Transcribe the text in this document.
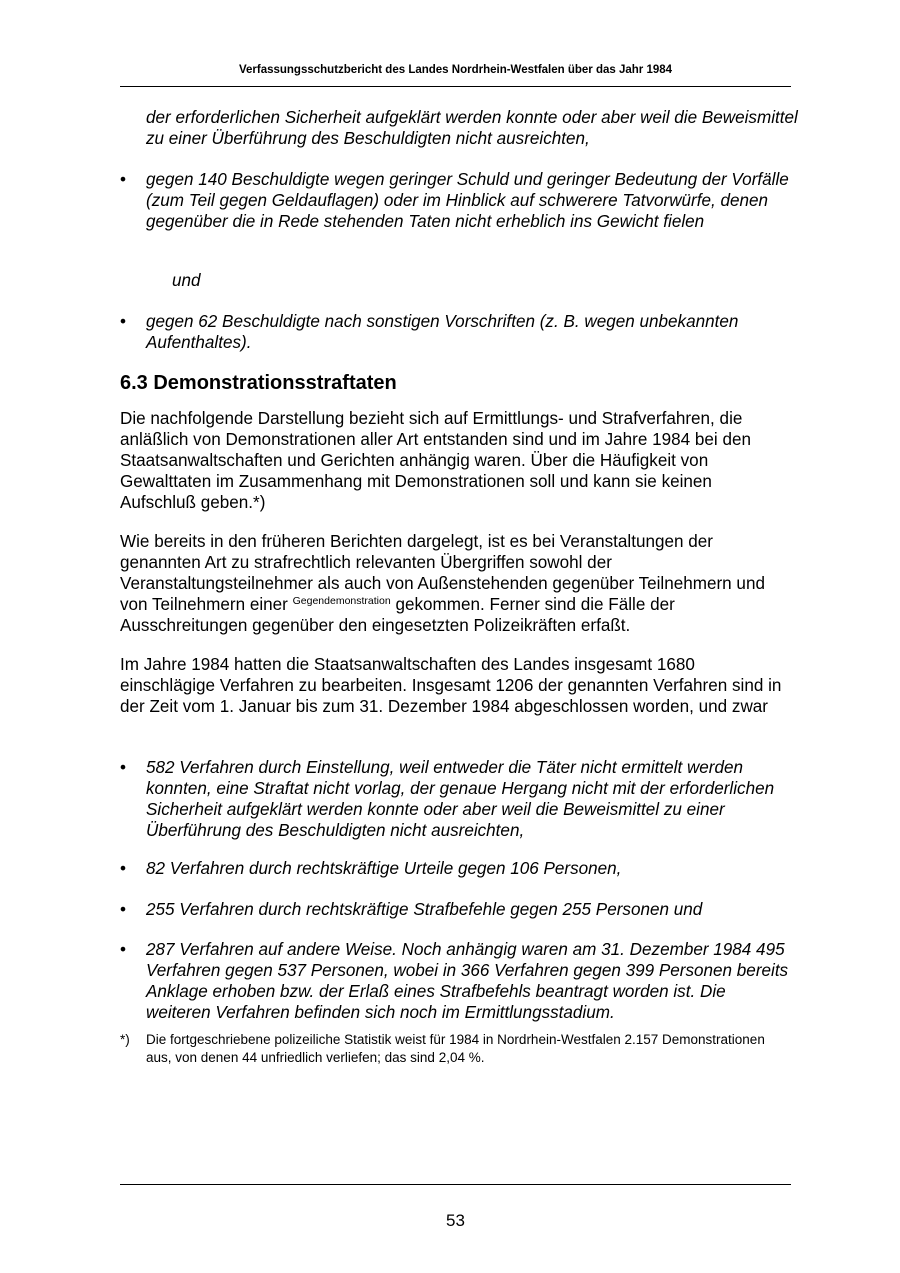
Verfassungsschutzbericht des Landes Nordrhein-Westfalen über das Jahr 1984
der erforderlichen Sicherheit aufgeklärt werden konnte oder aber weil die Beweismittel zu einer Überführung des Beschuldigten nicht ausreichten,
• gegen 140 Beschuldigte wegen geringer Schuld und geringer Bedeutung der Vorfälle (zum Teil gegen Geldauflagen) oder im Hinblick auf schwerere Tatvorwürfe, denen gegenüber die in Rede stehenden Taten nicht erheblich ins Gewicht fielen
und
• gegen 62 Beschuldigte nach sonstigen Vorschriften (z. B. wegen unbekannten Aufenthaltes).
6.3 Demonstrationsstraftaten
Die nachfolgende Darstellung bezieht sich auf Ermittlungs- und Strafverfahren, die anläßlich von Demonstrationen aller Art entstanden sind und im Jahre 1984 bei den Staatsanwaltschaften und Gerichten anhängig waren. Über die Häufigkeit von Gewalttaten im Zusammenhang mit Demonstrationen soll und kann sie keinen Aufschluß geben.*)
Wie bereits in den früheren Berichten dargelegt, ist es bei Veranstaltungen der genannten Art zu strafrechtlich relevanten Übergriffen sowohl der Veranstaltungsteilnehmer als auch von Außenstehenden gegenüber Teilnehmern und von Teilnehmern einer $^{Gegendemonstration}$ gekommen. Ferner sind die Fälle der Ausschreitungen gegenüber den eingesetzten Polizeikräften erfaßt.
Im Jahre 1984 hatten die Staatsanwaltschaften des Landes insgesamt 1680 einschlägige Verfahren zu bearbeiten. Insgesamt 1206 der genannten Verfahren sind in der Zeit vom 1. Januar bis zum 31. Dezember 1984 abgeschlossen worden, und zwar
• 582 Verfahren durch Einstellung, weil entweder die Täter nicht ermittelt werden konnten, eine Straftat nicht vorlag, der genaue Hergang nicht mit der erforderlichen Sicherheit aufgeklärt werden konnte oder aber weil die Beweismittel zu einer Überführung des Beschuldigten nicht ausreichten,
• 82 Verfahren durch rechtskräftige Urteile gegen 106 Personen,
• 255 Verfahren durch rechtskräftige Strafbefehle gegen 255 Personen und
• 287 Verfahren auf andere Weise. Noch anhängig waren am 31. Dezember 1984 495 Verfahren gegen 537 Personen, wobei in 366 Verfahren gegen 399 Personen bereits Anklage erhoben bzw. der Erlaß eines Strafbefehls beantragt worden ist. Die weiteren Verfahren befinden sich noch im Ermittlungsstadium.
*) Die fortgeschriebene polizeiliche Statistik weist für 1984 in Nordrhein-Westfalen 2.157 Demonstrationen aus, von denen 44 unfriedlich verliefen; das sind 2,04 %.
53
